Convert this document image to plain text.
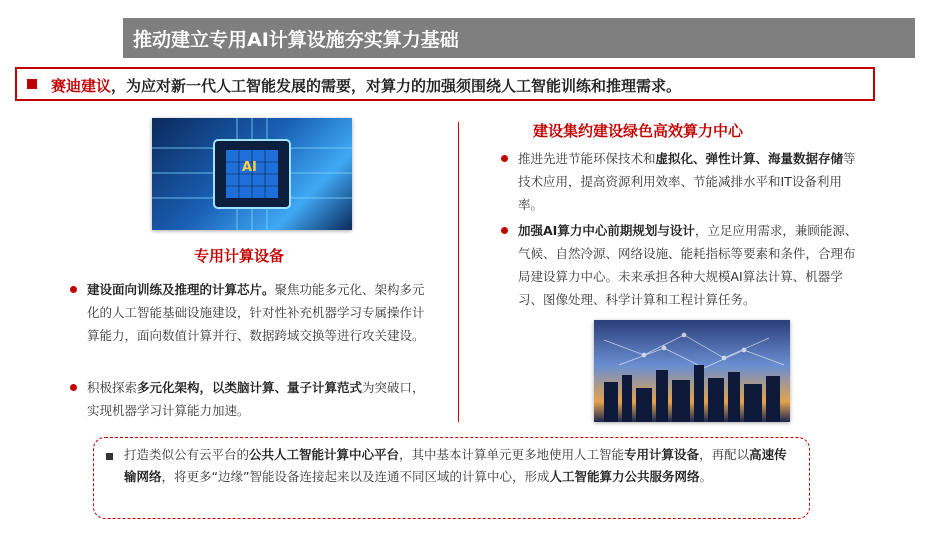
推动建立专用AI计算设施夯实算力基础
赛迪建议，为应对新一代人工智能发展的需要，对算力的加强须围绕人工智能训练和推理需求。
AI
专用计算设备
建设面向训练及推理的计算芯片。聚焦功能多元化、架构多元化的人工智能基础设施建设，针对性补充机器学习专属操作计算能力，面向数值计算并行、数据跨域交换等进行攻关建设。
积极探索多元化架构，以类脑计算、量子计算范式为突破口，实现机器学习计算能力加速。
建设集约建设绿色高效算力中心
推进先进节能环保技术和虚拟化、弹性计算、海量数据存储等技术应用，提高资源利用效率、节能减排水平和IT设备利用率。
加强AI算力中心前期规划与设计，立足应用需求，兼顾能源、气候、自然冷源、网络设施、能耗指标等要素和条件，合理布局建设算力中心。未来承担各种大规模AI算法计算、机器学习、图像处理、科学计算和工程计算任务。
打造类似公有云平台的公共人工智能计算中心平台，其中基本计算单元更多地使用人工智能专用计算设备，再配以高速传输网络，将更多“边缘”智能设备连接起来以及连通不同区域的计算中心，形成人工智能算力公共服务网络。
